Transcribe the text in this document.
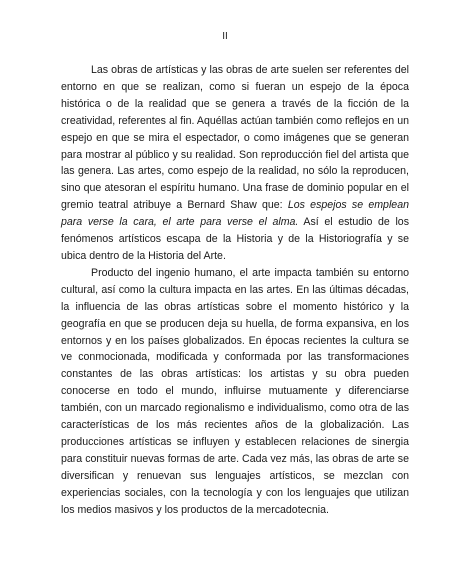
II

Las obras de artísticas y las obras de arte suelen ser referentes del entorno en que se realizan, como si fueran un espejo de la época histórica o de la realidad que se genera a través de la ficción de la creatividad, referentes al fin. Aquéllas actúan también como reflejos en un espejo en que se mira el espectador, o como imágenes que se generan para mostrar al público y su realidad. Son reproducción fiel del artista que las genera. Las artes, como espejo de la realidad, no sólo la reproducen, sino que atesoran el espíritu humano. Una frase de dominio popular en el gremio teatral atribuye a Bernard Shaw que: Los espejos se emplean para verse la cara, el arte para verse el alma. Así el estudio de los fenómenos artísticos escapa de la Historia y de la Historiografía y se ubica dentro de la Historia del Arte.

Producto del ingenio humano, el arte impacta también su entorno cultural, así como la cultura impacta en las artes. En las últimas décadas, la influencia de las obras artísticas sobre el momento histórico y la geografía en que se producen deja su huella, de forma expansiva, en los entornos y en los países globalizados. En épocas recientes la cultura se ve conmocionada, modificada y conformada por las transformaciones constantes de las obras artísticas: los artistas y su obra pueden conocerse en todo el mundo, influirse mutuamente y diferenciarse también, con un marcado regionalismo e individualismo, como otra de las características de los más recientes años de la globalización. Las producciones artísticas se influyen y establecen relaciones de sinergia para constituir nuevas formas de arte. Cada vez más, las obras de arte se diversifican y renuevan sus lenguajes artísticos, se mezclan con experiencias sociales, con la tecnología y con los lenguajes que utilizan los medios masivos y los productos de la mercadotecnia.
